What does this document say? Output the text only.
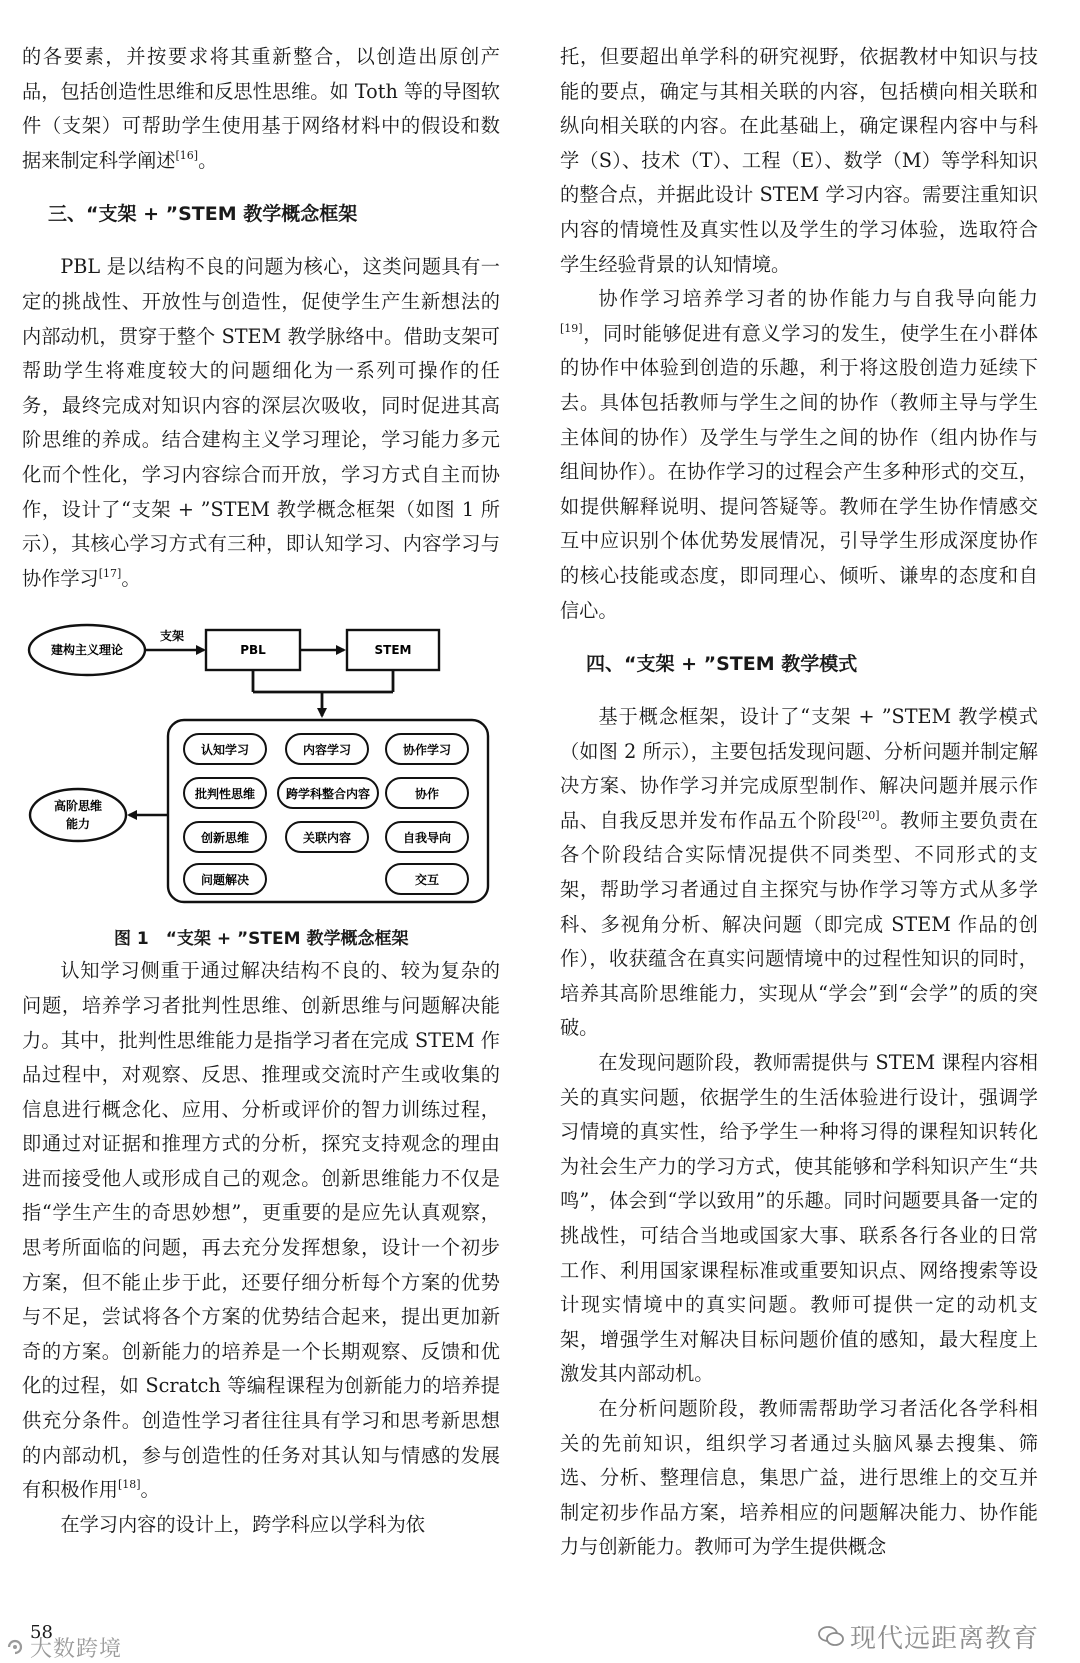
的各要素，并按要求将其重新整合，以创造出原创产品，包括创造性思维和反思性思维。如 Toth 等的导图软件（支架）可帮助学生使用基于网络材料中的假设和数据来制定科学阐述[16]。

三、“支架 + ”STEM 教学概念框架

PBL 是以结构不良的问题为核心，这类问题具有一定的挑战性、开放性与创造性，促使学生产生新想法的内部动机，贯穿于整个 STEM 教学脉络中。借助支架可帮助学生将难度较大的问题细化为一系列可操作的任务，最终完成对知识内容的深层次吸收，同时促进其高阶思维的养成。结合建构主义学习理论，学习能力多元化而个性化，学习内容综合而开放，学习方式自主而协作，设计了“支架 + ”STEM 教学概念框架（如图 1 所示），其核心学习方式有三种，即认知学习、内容学习与协作学习[17]。

建构主义理论
支架
PBL	STEM
高阶思维
能力
认知学习	内容学习	协作学习
批判性思维	跨学科整合内容	协作
创新思维	关联内容	自我导向
问题解决	交互
图 1　“支架 + ”STEM 教学概念框架

认知学习侧重于通过解决结构不良的、较为复杂的问题，培养学习者批判性思维、创新思维与问题解决能力。其中，批判性思维能力是指学习者在完成 STEM 作品过程中，对观察、反思、推理或交流时产生或收集的信息进行概念化、应用、分析或评价的智力训练过程，即通过对证据和推理方式的分析，探究支持观念的理由进而接受他人或形成自己的观念。创新思维能力不仅是指“学生产生的奇思妙想”，更重要的是应先认真观察，思考所面临的问题，再去充分发挥想象，设计一个初步方案，但不能止步于此，还要仔细分析每个方案的优势与不足，尝试将各个方案的优势结合起来，提出更加新奇的方案。创新能力的培养是一个长期观察、反馈和优化的过程，如 Scratch 等编程课程为创新能力的培养提供充分条件。创造性学习者往往具有学习和思考新思想的内部动机，参与创造性的任务对其认知与情感的发展有积极作用[18]。

在学习内容的设计上，跨学科应以学科为依

托，但要超出单学科的研究视野，依据教材中知识与技能的要点，确定与其相关联的内容，包括横向相关联和纵向相关联的内容。在此基础上，确定课程内容中与科学（S）、技术（T）、工程（E）、数学（M）等学科知识的整合点，并据此设计 STEM 学习内容。需要注重知识内容的情境性及真实性以及学生的学习体验，选取符合学生经验背景的认知情境。

协作学习培养学习者的协作能力与自我导向能力[19]，同时能够促进有意义学习的发生，使学生在小群体的协作中体验到创造的乐趣，利于将这股创造力延续下去。具体包括教师与学生之间的协作（教师主导与学生主体间的协作）及学生与学生之间的协作（组内协作与组间协作）。在协作学习的过程会产生多种形式的交互，如提供解释说明、提问答疑等。教师在学生协作情感交互中应识别个体优势发展情况，引导学生形成深度协作的核心技能或态度，即同理心、倾听、谦卑的态度和自信心。

四、“支架 + ”STEM 教学模式

基于概念框架，设计了“支架 + ”STEM 教学模式（如图 2 所示），主要包括发现问题、分析问题并制定解决方案、协作学习并完成原型制作、解决问题并展示作品、自我反思并发布作品五个阶段[20]。教师主要负责在各个阶段结合实际情况提供不同类型、不同形式的支架，帮助学习者通过自主探究与协作学习等方式从多学科、多视角分析、解决问题（即完成 STEM 作品的创作），收获蕴含在真实问题情境中的过程性知识的同时，培养其高阶思维能力，实现从“学会”到“会学”的质的突破。

在发现问题阶段，教师需提供与 STEM 课程内容相关的真实问题，依据学生的生活体验进行设计，强调学习情境的真实性，给予学生一种将习得的课程知识转化为社会生产力的学习方式，使其能够和学科知识产生“共鸣”，体会到“学以致用”的乐趣。同时问题要具备一定的挑战性，可结合当地或国家大事、联系各行各业的日常工作、利用国家课程标准或重要知识点、网络搜索等设计现实情境中的真实问题。教师可提供一定的动机支架，增强学生对解决目标问题价值的感知，最大程度上激发其内部动机。

在分析问题阶段，教师需帮助学习者活化各学科相关的先前知识，组织学习者通过头脑风暴去搜集、筛选、分析、整理信息，集思广益，进行思维上的交互并制定初步作品方案，培养相应的问题解决能力、协作能力与创新能力。教师可为学生提供概念

58
大数跨境	现代远距离教育
